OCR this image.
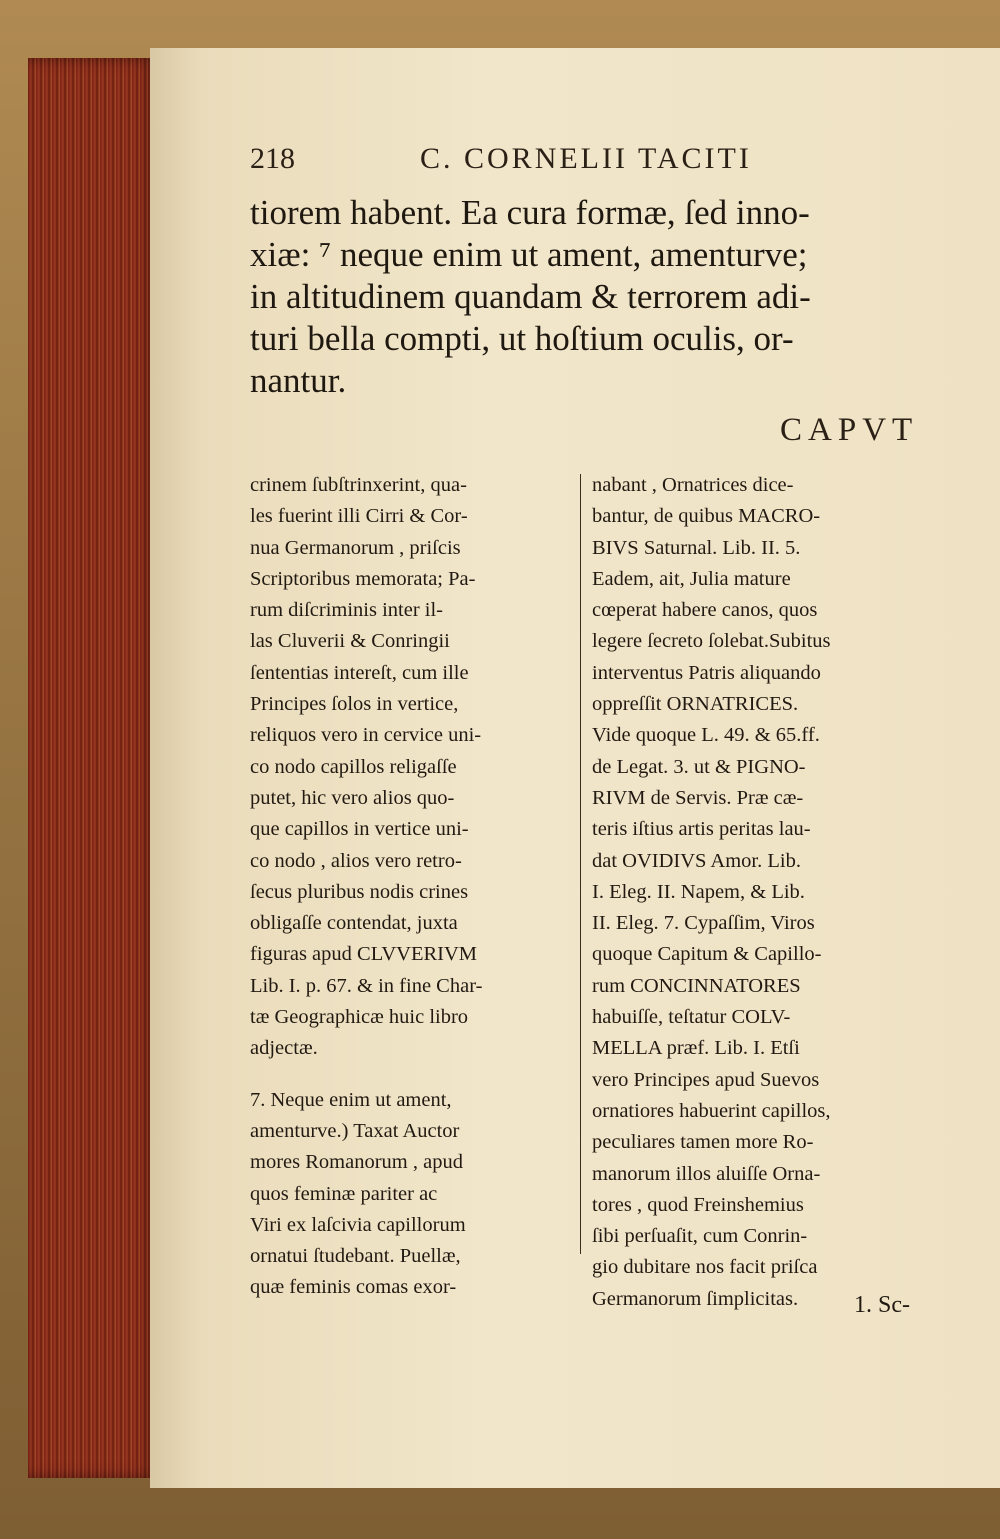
218	C. CORNELII TACITI

tiorem habent. Ea cura formæ, ſed inno-

xiæ: ⁷ neque enim ut ament, amenturve;

in altitudinem quandam & terrorem adi-

turi bella compti, ut hoſtium oculis, or-

nantur.

CAPVT

crinem ſubſtrinxerint, qua-

les fuerint illi Cirri & Cor-

nua Germanorum , priſcis

Scriptoribus memorata; Pa-

rum diſcriminis inter il-

las Cluverii & Conringii

ſententias intereſt, cum ille

Principes ſolos in vertice,

reliquos vero in cervice uni-

co nodo capillos religaſſe

putet, hic vero alios quo-

que capillos in vertice uni-

co nodo , alios vero retro-

ſecus pluribus nodis crines

obligaſſe contendat, juxta

figuras apud CLVVERIVM

Lib. I. p. 67. & in fine Char-

tæ Geographicæ huic libro

adjectæ.

7. Neque enim ut ament,

amenturve.) Taxat Auctor

mores Romanorum , apud

quos feminæ pariter ac

Viri ex laſcivia capillorum

ornatui ſtudebant. Puellæ,

quæ feminis comas exor-

nabant , Ornatrices dice-

bantur, de quibus MACRO-

BIVS Saturnal. Lib. II. 5.

Eadem, ait, Julia mature

cœperat habere canos, quos

legere ſecreto ſolebat.Subitus

interventus Patris aliquando

oppreſſit ORNATRICES.

Vide quoque L. 49. & 65.ff.

de Legat. 3. ut & PIGNO-

RIVM de Servis. Præ cæ-

teris iſtius artis peritas lau-

dat OVIDIVS Amor. Lib.

I. Eleg. II. Napem, & Lib.

II. Eleg. 7. Cypaſſim, Viros

quoque Capitum & Capillo-

rum CONCINNATORES

habuiſſe, teſtatur COLV-

MELLA præf. Lib. I. Etſi

vero Principes apud Suevos

ornatiores habuerint capillos,

peculiares tamen more Ro-

manorum illos aluiſſe Orna-

tores , quod Freinshemius

ſibi perſuaſit, cum Conrin-

gio dubitare nos facit priſca

Germanorum ſimplicitas.	1. Sc-
